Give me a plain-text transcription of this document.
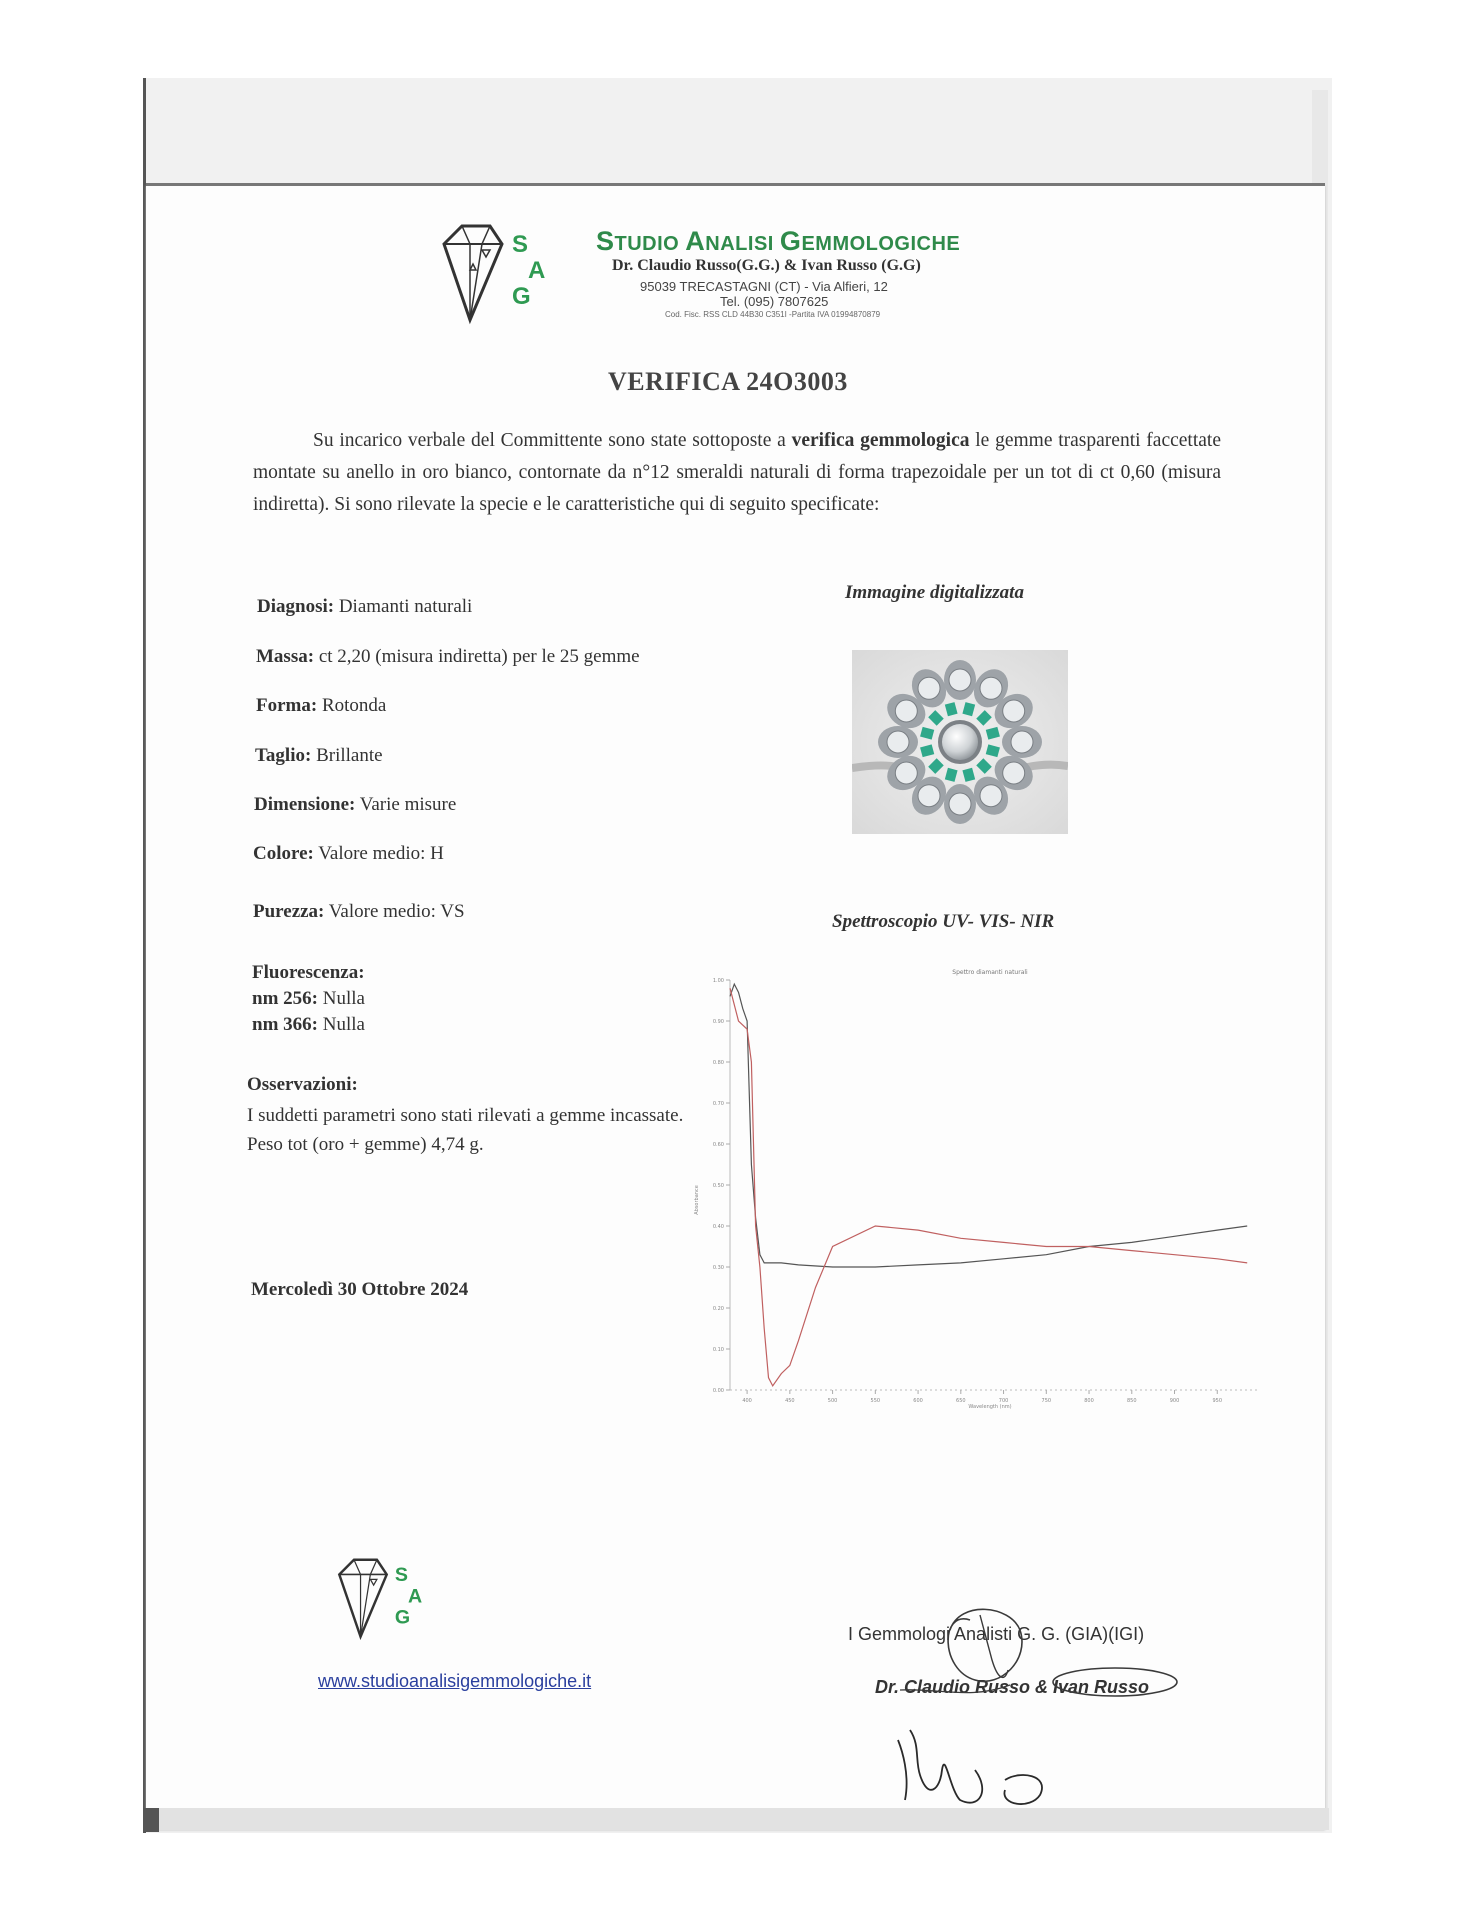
S
A
G
STUDIO ANALISI GEMMOLOGICHE
Dr. Claudio Russo(G.G.) & Ivan Russo (G.G)
95039 TRECASTAGNI (CT) - Via Alfieri, 12
Tel. (095) 7807625
Cod. Fisc. RSS CLD 44B30 C351I -Partita IVA 01994870879
VERIFICA 24O3003
Su incarico verbale del Committente sono state sottoposte a verifica gemmologica le gemme trasparenti faccettate montate su anello in oro bianco, contornate da n°12 smeraldi naturali di forma trapezoidale per un tot di ct 0,60 (misura indiretta). Si sono rilevate la specie e le caratteristiche qui di seguito specificate:
Diagnosi: Diamanti naturali
Massa: ct 2,20 (misura indiretta) per le 25 gemme
Forma: Rotonda
Taglio: Brillante
Dimensione: Varie misure
Colore: Valore medio: H
Purezza: Valore medio: VS
Fluorescenza:
nm 256: Nulla
nm 366: Nulla
Osservazioni:
I suddetti parametri sono stati rilevati a gemme incassate.
Peso tot (oro + gemme) 4,74 g.
Mercoledì 30 Ottobre 2024
Immagine digitalizzata
Spettroscopio UV- VIS- NIR
Spettro diamanti naturali
400	450	500	550	600	650	700	750	800	850	900	950
0.00
0.10
0.20
0.30
0.40
0.50
0.60
0.70
0.80
0.90
1.00
Wavelength (nm)
Absorbance
S
A
G
www.studioanalisigemmologiche.it
I Gemmologi Analisti G. G. (GIA)(IGI)
Dr. Claudio Russo & Ivan Russo
